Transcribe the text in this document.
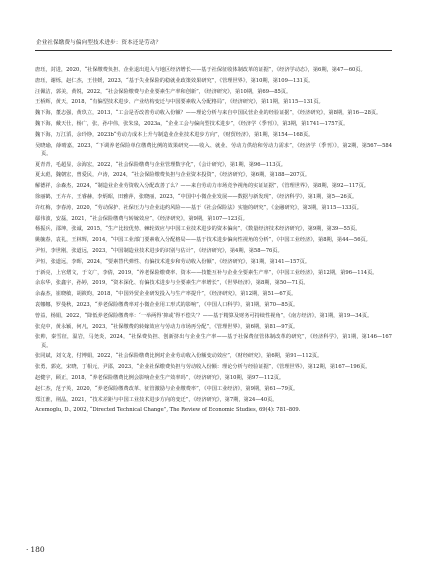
企业社保缴费与偏向型技术进步：资本还是劳动？

唐珏，封进，2020，“社保缴费负担、企业退出进入与地区经济增长——基于社保征收体制改革的证据”，《经济学动态》，第6期，第47—60页。

唐珏，谢烁，赵仁杰，王佳媛，2023，“基于失业保险的稳就业政策效果研究”，《管理世界》，第10期，第109—131页。

汪佩洁，郭美，黄锐，2022，“社会保险缴费与企业要素生产率和创新”，《经济研究》，第10期，第69—85页。

王桥辉，黄天，2018，“有偏型技术进步、产业结构变迁与中国要素收入分配格局”，《经济研究》，第11期，第115—131页。

魏下海，董志强，黄玖立，2013，“工会是否改善劳动收入份额？——理论分析与来自中国民营企业的经验证据”，《经济研究》，第8期，第16—28页。

魏下海，戴天仕，杨广，张，孙中伟，张朱泉，2023a，“企业工会与偏向型技术进步”，《经济学（季刊）》，第3期，第1741—1757页。

魏下海，万江滔，余玲铮，2023b“劳动力成本上升与制造业企业技术进步方向”，《财贸经济》，第1期，第154—168页。

吴晓瑜，薛晴嘉，2023，“下调养老保险单位缴费比例的效果研究——收入、就业、劳动力供给和劳动力需求”，《经济学（季刊）》，第2期，第567—584页。

夏青青，毛超显，余海宏，2022，“社会保险缴费与企业管理数字化”，《会计研究》，第1期，第96—113页。

夏太彪，魏朝宏，曾爱民，卢涛，2024，“社会保险缴费负担与企业资本投资”，《经济研究》，第6期，第188—207页。

解德祥，余森杰，2024，“制造业企业劳资收入分配改善了么？——来自劳动力市场竞争视角的实证证据”，《管理世界》，第8期，第92—117页。

徐丽鹤，王卉卉，王睿赫，李炳昭，田雅萍，张晓丽，2023，“中国中小微企业发展——数据与新发现”，《经济科学》，第1期，第5—26页。

许红梅，李春涛，2020，“劳动保护、社保压力与企业违约风险——基于《社会保险法》实施的研究”，《金融研究》，第3期，第115—133页。

鄢伟波，安磊，2021，“社会保险缴费与转嫁效应”，《经济研究》，第9期，第107—123页。

杨振兵，邵坤，张诚，2015，“生产比较优势、棘轮效应与中国工业技术进步的资本偏向”，《数量经济技术经济研究》，第9期，第39—55页。

姚毓春，袁礼，王林辉，2014，“中国工业部门要素收入分配格局——基于技术进步偏向性视角的分析”，《中国工业经济》，第8期，第44—56页。

尹恒，李世刚，张道远，2023，“中国制造业技术进步的识别与估计”，《经济研究》，第4期，第58—76页。

尹恒，张道远，李晖，2024，“要素替代弹性、有偏技术进步和劳动收入份额”，《经济研究》，第1期，第141—157页。

于新亮，上官熠文，于文广，李倩，2019，“养老保险缴费率、资本——技能互补与企业全要素生产率”，《中国工业经济》，第12期，第96—114页。

余东华，张鑫宇，孙婷，2019，“资本深化、有偏技术进步与全要素生产率增长”，《世界经济》，第8期，第50—71页。

余淼杰，崔晓敏，胡筱昀，2018，“中国外贸企业研发投入与生产率提升”，《经济研究》，第12期，第51—67页。

袁娜娜，罗曼秋，2023，“养老保险缴费率对小微企业用工形式的影响”，《中国人口科学》，第1期，第70—85页。

曾益，杨娟，2022，“降低养老保险缴费率：‘一举两得’抑或‘得不偿失’？——基于精算及财务可持续性视角”，《南方经济》，第1期，第19—34页。

张克中，黄永颖，何凡，2023，“社保缴费的转嫁效应与劳动力市场再分配”，《管理世界》，第6期，第81—97页。

张帅，秦雪征，温岩，马尧炎，2024，“社保费负担、创新挤出与企业生产率——基于社保费征管体制改革的研究”，《经济科学》，第1期，第146—167页。

张同斌，刘文龙，付博娟，2022，“社会保险缴费比例对企业劳动收入份额变动效应”，《财经研究》，第6期，第91—112页。

张勇，郭克，宋晓，丁相元，尹邵，2023，“企业社保缴费负担与劳动收入份额：理论分析与经验证据”，《管理世界》，第12期，第167—196页。

赵健宇，顾正，2018，“养老保险缴费比例会影响企业生产效率吗”，《经济研究》，第10期，第97—112页。

赵仁杰，范子英，2020，“养老保险缴费改革、征管激励与企业缴费率”，《中国工业经济》，第9期，第61—79页。

郑江淮，荆晶，2021，“技术差距与中国工业技术进步方向的变迁”，《经济研究》，第7期，第24—40页。

Acemoglu, D., 2002, “Directed Technical Change”, The Review of Economic Studies, 69(4): 781–809.

· 180
